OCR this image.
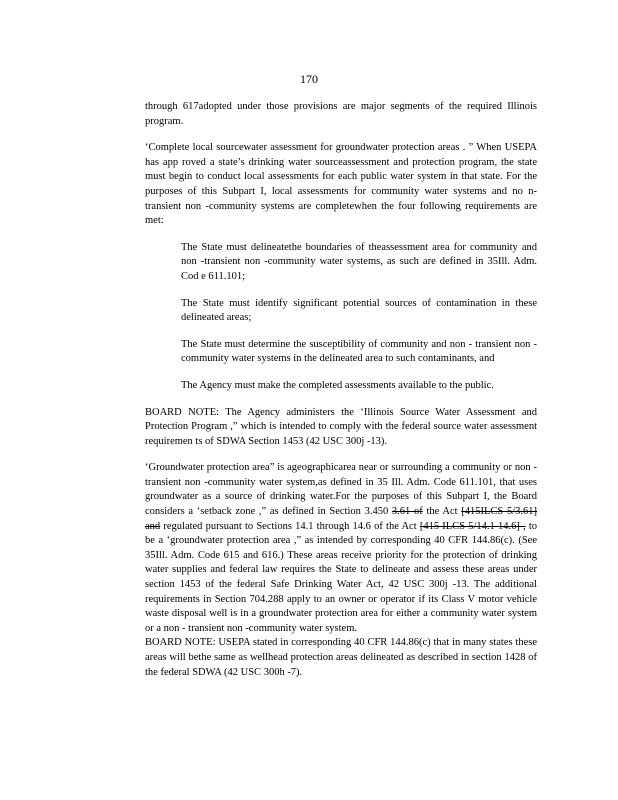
170

through 617adopted under those provisions are major segments of the required Illinois program.

‘Complete local sourcewater assessment for groundwater protection areas . ” When USEPA has app roved a state’s drinking water sourceassessment and protection program, the state must begin to conduct local assessments for each public water system in that state. For the purposes of this Subpart I, local assessments for community water systems and no n-transient non -community systems are completewhen the four following requirements are met:

The State must delineatethe boundaries of theassessment area for community and non -transient non -community water systems, as such are defined in 35Ill. Adm. Cod e 611.101;
The State must identify significant potential sources of contamination in these delineated areas;
The State must determine the susceptibility of community and non - transient non -community water systems in the delineated area to such contaminants, and
The Agency must make the completed assessments available to the public.

BOARD NOTE: The Agency administers the ‘Illinois Source Water Assessment and Protection Program ,” which is intended to comply with the federal source water assessment requiremen ts of SDWA Section 1453 (42 USC 300j -13).

‘Groundwater protection area” is ageographicarea near or surrounding a community or non -transient non -community water system,as defined in 35 Ill. Adm. Code 611.101, that uses groundwater as a source of drinking water.For the purposes of this Subpart I, the Board considers a ‘setback zone ,” as defined in Section 3.450 3.61 of the Act [415ILCS 5/3.61] and regulated pursuant to Sections 14.1 through 14.6 of the Act [415 ILCS 5/14.1 14.6] , to be a ‘groundwater protection area ,” as intended by corresponding 40 CFR 144.86(c). (See 35Ill. Adm. Code 615 and 616.) These areas receive priority for the protection of drinking water supplies and federal law requires the State to delineate and assess these areas under section 1453 of the federal Safe Drinking Water Act, 42 USC 300j -13. The additional requirements in Section 704.288 apply to an owner or operator if its Class V motor vehicle waste disposal well is in a groundwater protection area for either a community water system or a non - transient non -community water system.

BOARD NOTE: USEPA stated in corresponding 40 CFR 144.86(c) that in many states these areas will bethe same as wellhead protection areas delineated as described in section 1428 of the federal SDWA (42 USC 300h -7).
